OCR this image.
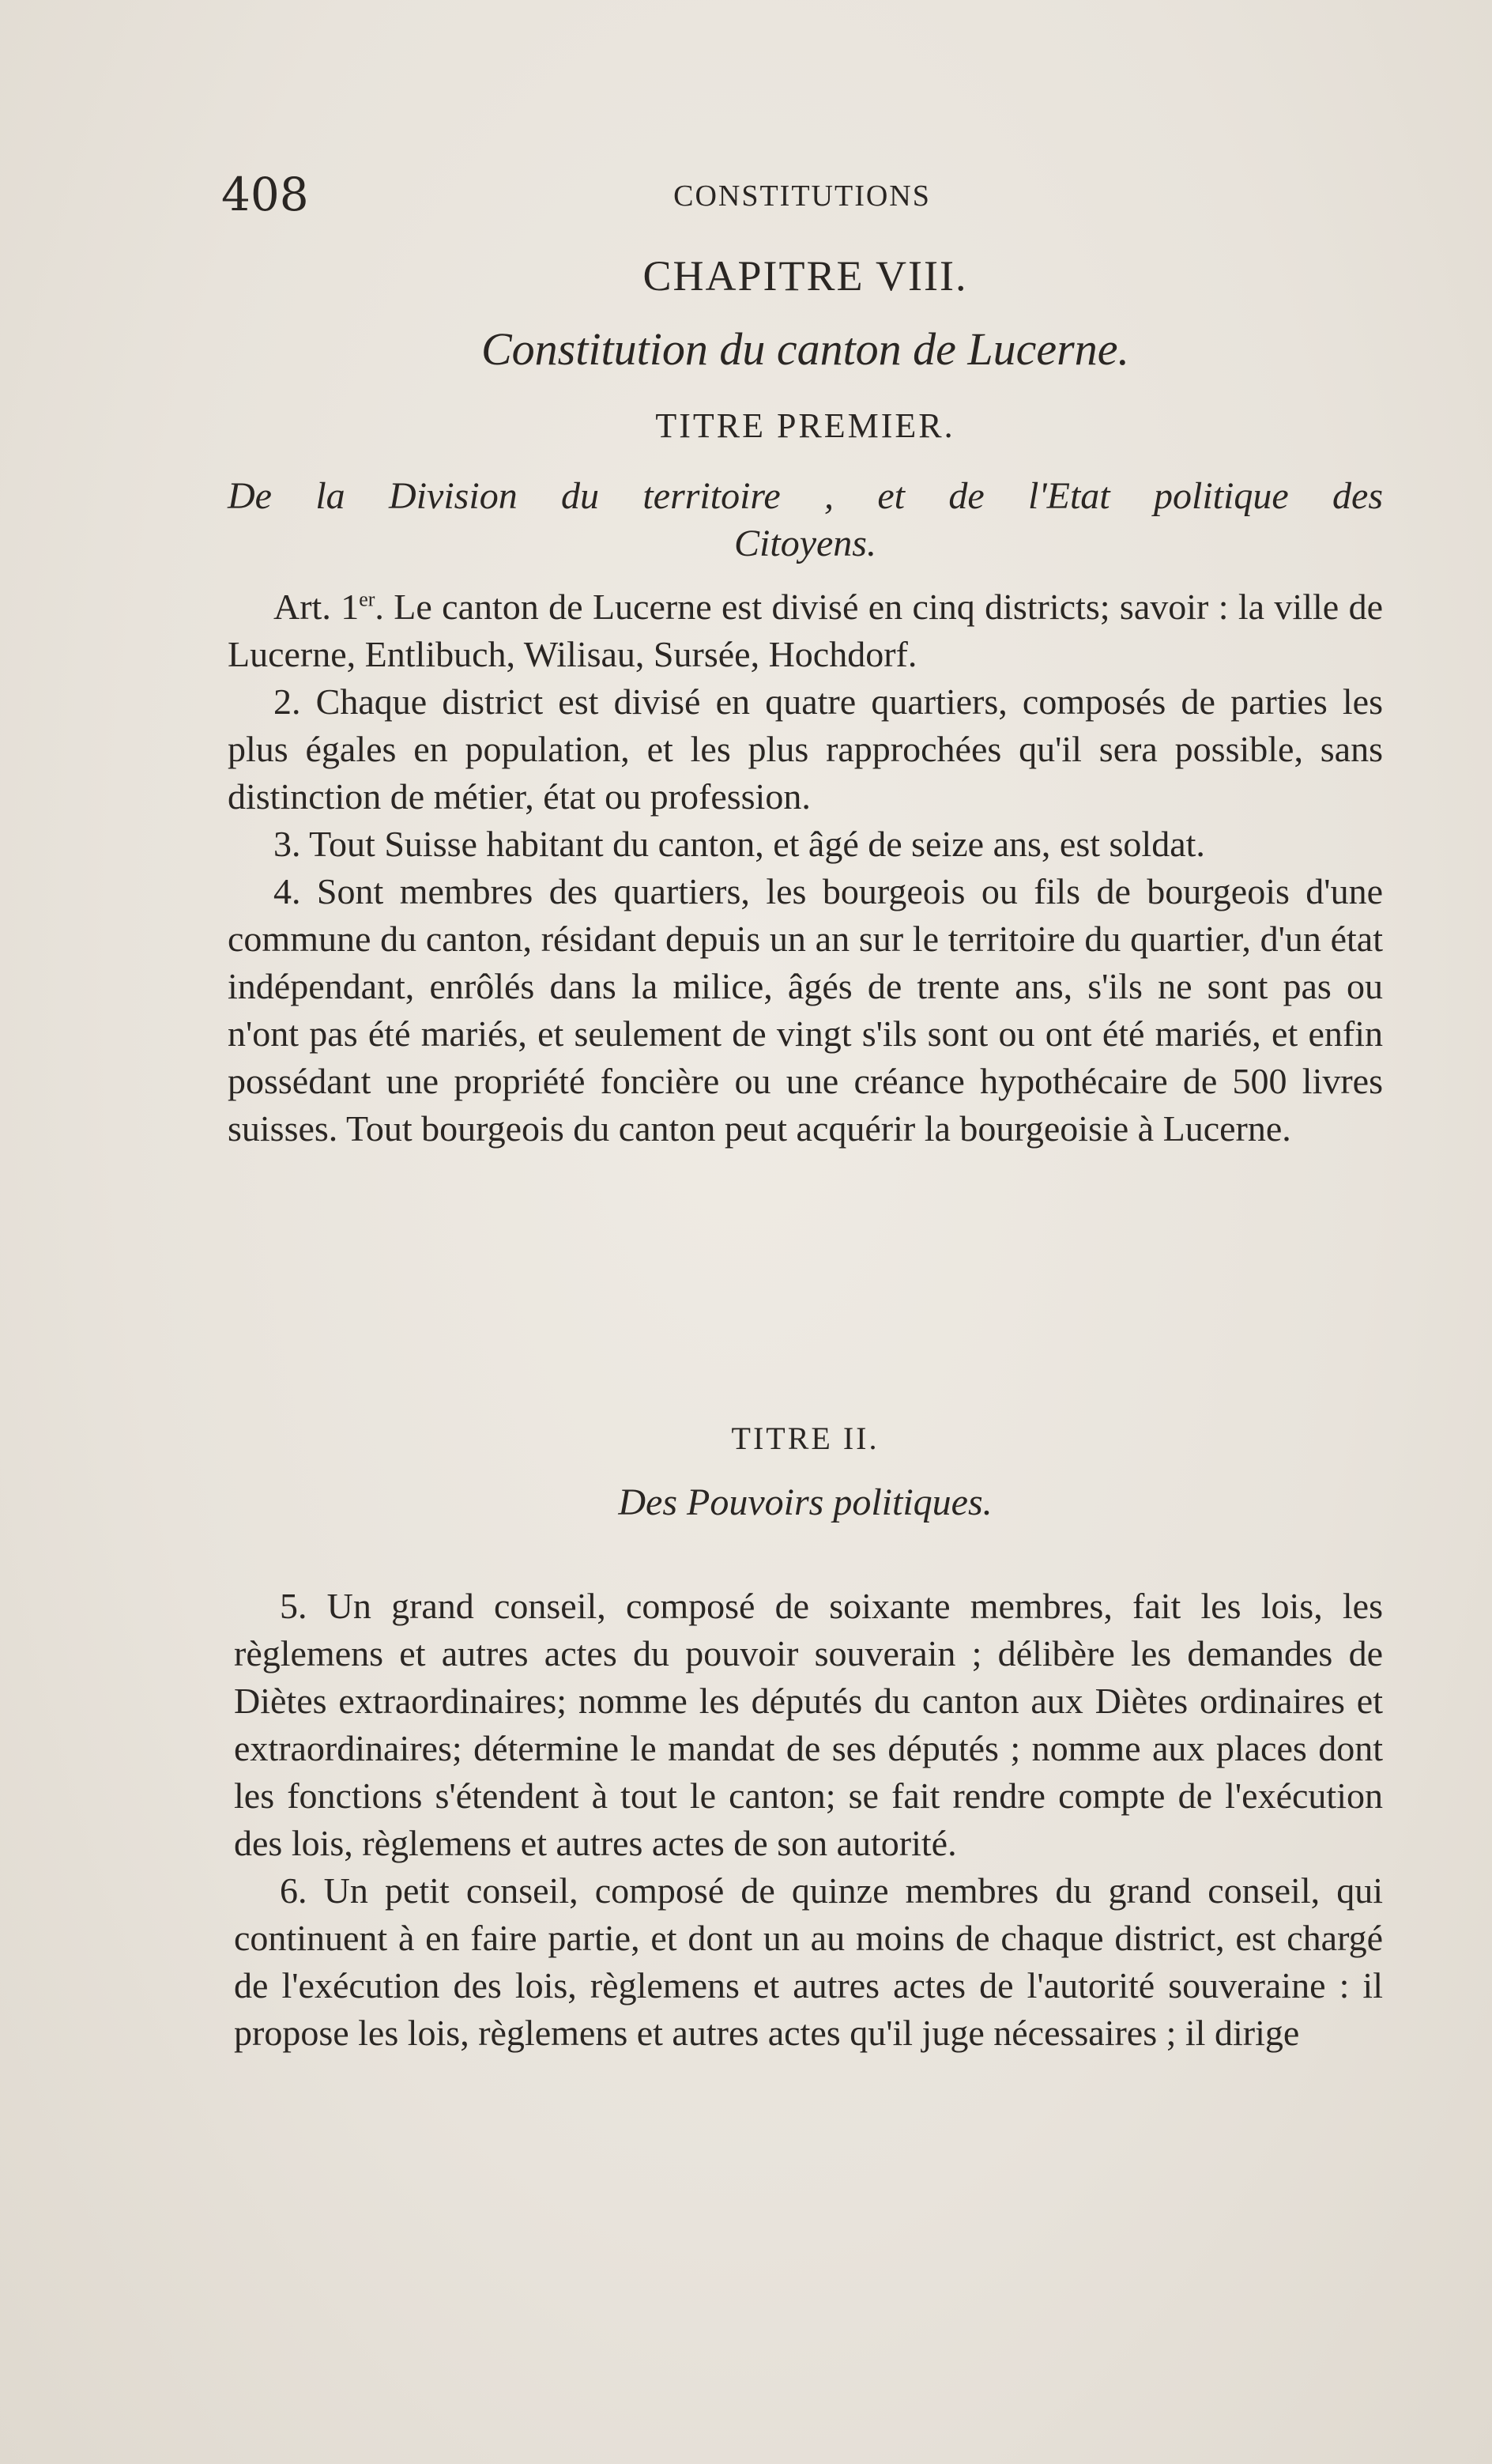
408	CONSTITUTIONS
CHAPITRE VIII.
Constitution du canton de Lucerne.
TITRE PREMIER.
De la Division du territoire , et de l'Etat politique des
Citoyens.
Art. 1er. Le canton de Lucerne est divisé en cinq districts; savoir : la ville de Lucerne, Entlibuch, Wilisau, Sursée, Hochdorf.
2. Chaque district est divisé en quatre quartiers, composés de parties les plus égales en population, et les plus rapprochées qu'il sera possible, sans distinction de métier, état ou profession.
3. Tout Suisse habitant du canton, et âgé de seize ans, est soldat.
4. Sont membres des quartiers, les bourgeois ou fils de bourgeois d'une commune du canton, résidant depuis un an sur le territoire du quartier, d'un état indépendant, enrôlés dans la milice, âgés de trente ans, s'ils ne sont pas ou n'ont pas été mariés, et seulement de vingt s'ils sont ou ont été mariés, et enfin possédant une propriété foncière ou une créance hypothécaire de 500 livres suisses. Tout bourgeois du canton peut acquérir la bourgeoisie à Lucerne.
TITRE II.
Des Pouvoirs politiques.
5. Un grand conseil, composé de soixante membres, fait les lois, les règlemens et autres actes du pouvoir souverain ; délibère les demandes de Diètes extraordinaires; nomme les députés du canton aux Diètes ordinaires et extraordinaires; détermine le mandat de ses députés ; nomme aux places dont les fonctions s'étendent à tout le canton; se fait rendre compte de l'exécution des lois, règlemens et autres actes de son autorité.
6. Un petit conseil, composé de quinze membres du grand conseil, qui continuent à en faire partie, et dont un au moins de chaque district, est chargé de l'exécution des lois, règlemens et autres actes de l'autorité souveraine : il propose les lois, règlemens et autres actes qu'il juge nécessaires ; il dirige
